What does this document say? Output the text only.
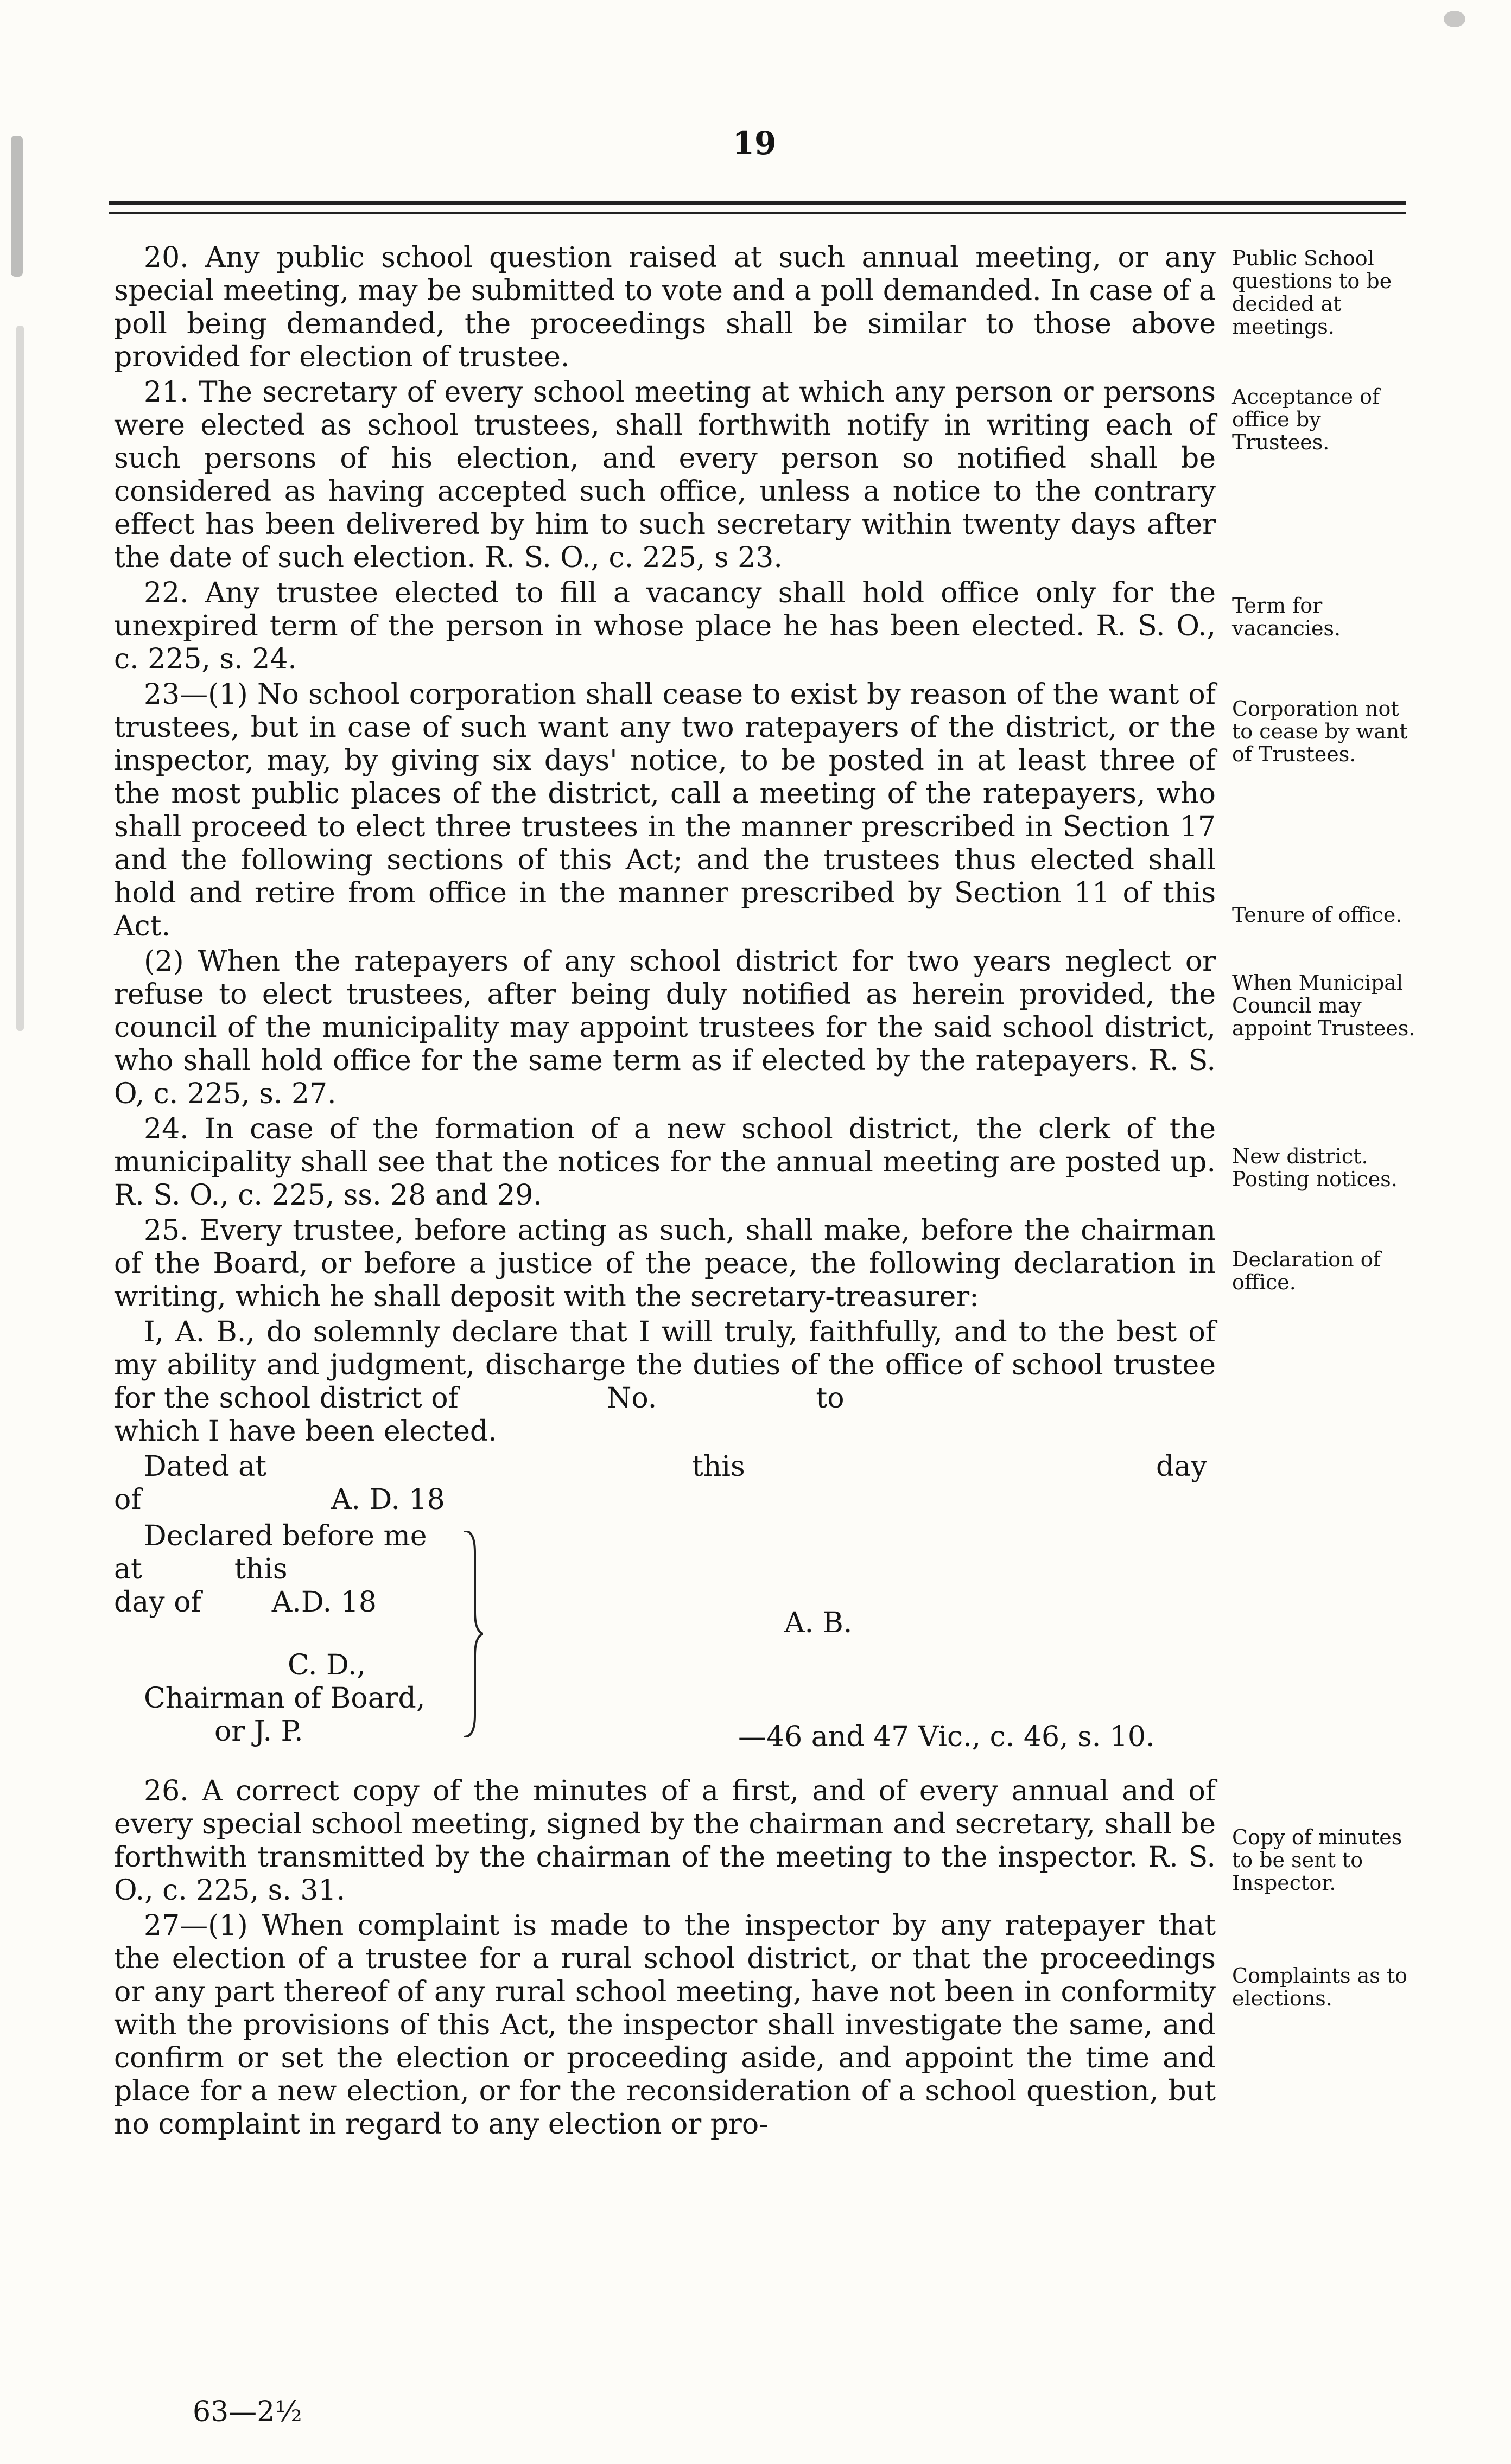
19

20. Any public school question raised at such annual meeting, or any special meeting, may be submitted to vote and a poll demanded. In case of a poll being demanded, the proceedings shall be similar to those above provided for election of trustee.

21. The secretary of every school meeting at which any person or persons were elected as school trustees, shall forthwith notify in writing each of such persons of his election, and every person so notified shall be considered as having accepted such office, unless a notice to the contrary effect has been delivered by him to such secretary within twenty days after the date of such election. R. S. O., c. 225, s 23.

22. Any trustee elected to fill a vacancy shall hold office only for the unexpired term of the person in whose place he has been elected. R. S. O., c. 225, s. 24.

23—(1) No school corporation shall cease to exist by reason of the want of trustees, but in case of such want any two ratepayers of the district, or the inspector, may, by giving six days' notice, to be posted in at least three of the most public places of the district, call a meeting of the ratepayers, who shall proceed to elect three trustees in the manner prescribed in Section 17 and the following sections of this Act; and the trustees thus elected shall hold and retire from office in the manner prescribed by Section 11 of this Act.

(2) When the ratepayers of any school district for two years neglect or refuse to elect trustees, after being duly notified as herein provided, the council of the municipality may appoint trustees for the said school district, who shall hold office for the same term as if elected by the ratepayers. R. S. O, c. 225, s. 27.

24. In case of the formation of a new school district, the clerk of the municipality shall see that the notices for the annual meeting are posted up. R. S. O., c. 225, ss. 28 and 29.

25. Every trustee, before acting as such, shall make, before the chairman of the Board, or before a justice of the peace, the following declaration in writing, which he shall deposit with the secretary-treasurer:

I, A. B., do solemnly declare that I will truly, faithfully, and to the best of my ability and judgment, discharge the duties of the office of school trustee for the school district of	No.	to

which I have been elected.

Dated at	this	day
of	A. D. 18
Declared before me
at	this
day of	A.D. 18
C. D.,
Chairman of Board,
or J. P.
A. B.
—46 and 47 Vic., c. 46, s. 10.

26. A correct copy of the minutes of a first, and of every annual and of every special school meeting, signed by the chairman and secretary, shall be forthwith transmitted by the chairman of the meeting to the inspector. R. S. O., c. 225, s. 31.

27—(1) When complaint is made to the inspector by any ratepayer that the election of a trustee for a rural school district, or that the proceedings or any part thereof of any rural school meeting, have not been in conformity with the provisions of this Act, the inspector shall investigate the same, and confirm or set the election or proceeding aside, and appoint the time and place for a new election, or for the reconsideration of a school question, but no complaint in regard to any election or pro-

Public School questions to be decided at meetings.
Acceptance of office by Trustees.
Term for vacancies.
Corporation not to cease by want of Trustees.
Tenure of office.
When Municipal Council may appoint Trustees.
New district. Posting notices.
Declaration of office.
Copy of minutes to be sent to Inspector.
Complaints as to elections.
63—2½
